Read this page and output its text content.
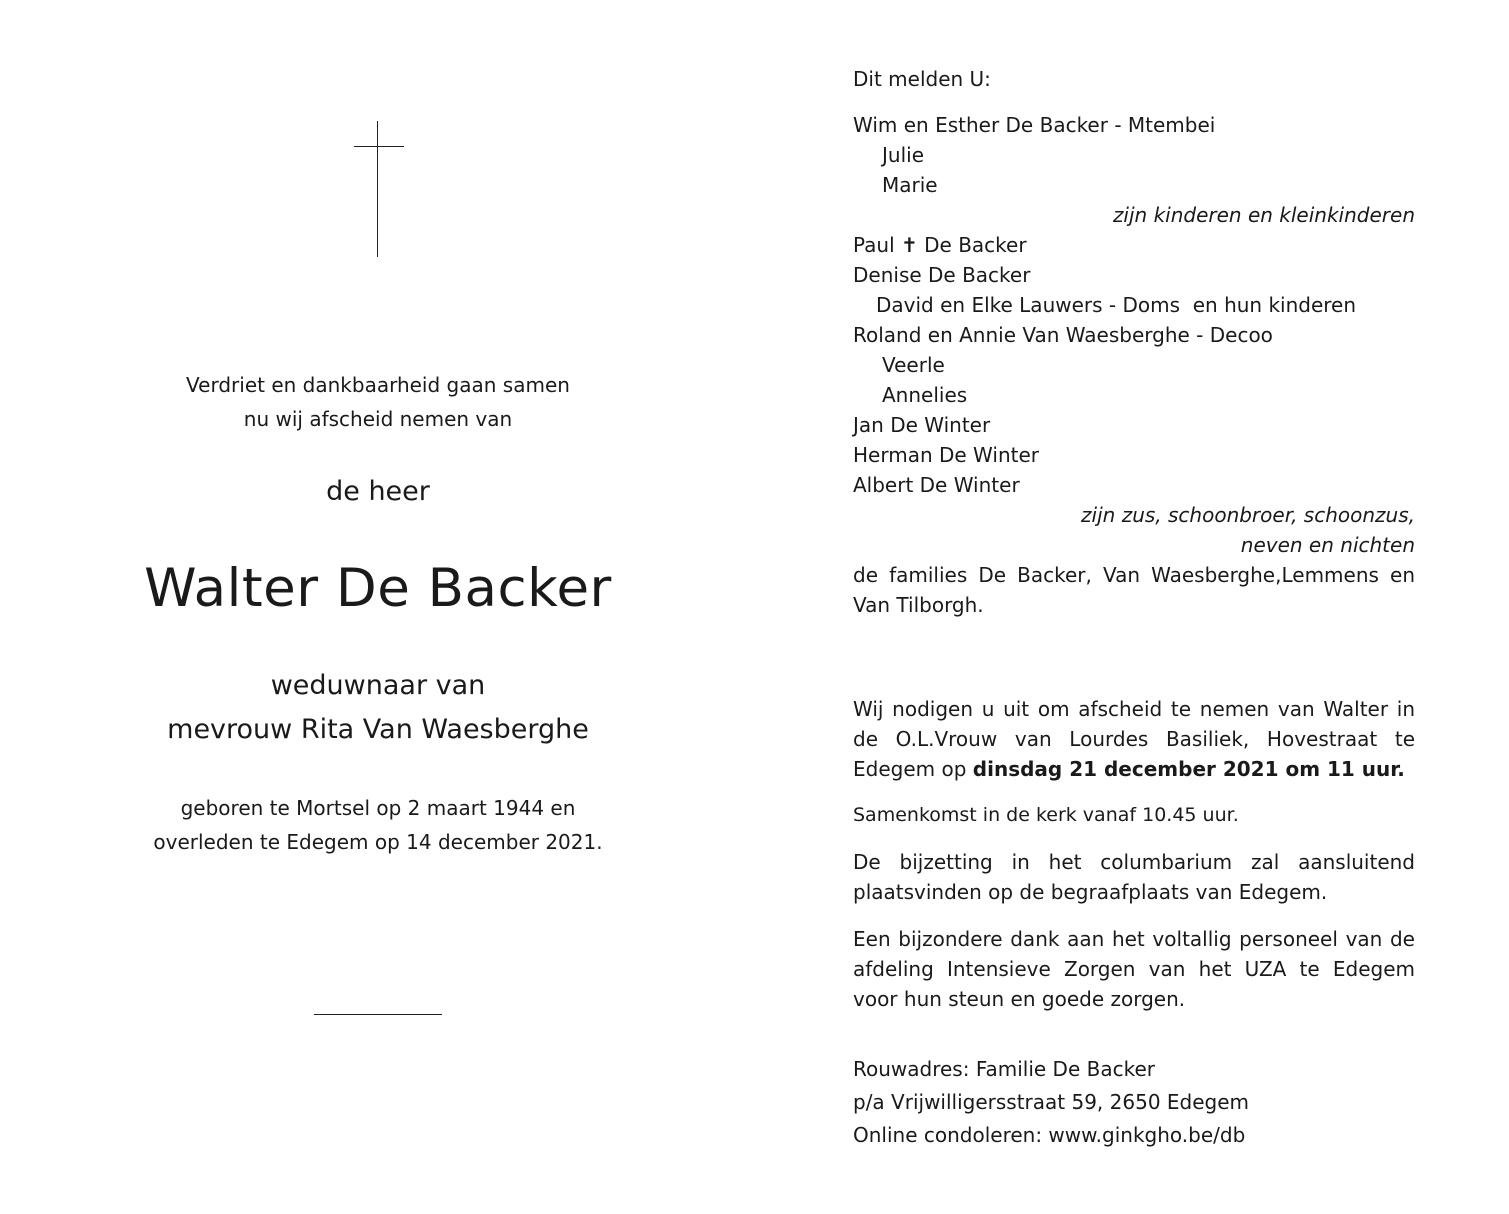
Verdriet en dankbaarheid gaan samen
nu wij afscheid nemen van
de heer
Walter De Backer
weduwnaar van
mevrouw Rita Van Waesberghe
geboren te Mortsel op 2 maart 1944 en
overleden te Edegem op 14 december 2021.
Dit melden U:
Wim en Esther De Backer - Mtembei
Julie
Marie
zijn kinderen en kleinkinderen
Paul ✝ De Backer
Denise De Backer
David en Elke Lauwers - Doms  en hun kinderen
Roland en Annie Van Waesberghe - Decoo
Veerle
Annelies
Jan De Winter
Herman De Winter
Albert De Winter
zijn zus, schoonbroer, schoonzus,
neven en nichten

de families De Backer, Van Waesberghe,Lemmens en Van Tilborgh.

Wij nodigen u uit om afscheid te nemen van Walter in de O.L.Vrouw van Lourdes Basiliek, Hovestraat te Edegem op dinsdag 21 december 2021 om 11 uur.

Samenkomst in de kerk vanaf 10.45 uur.

De bijzetting in het columbarium zal aansluitend plaatsvinden op de begraafplaats van Edegem.

Een bijzondere dank aan het voltallig personeel van de afdeling Intensieve Zorgen van het UZA te Edegem voor hun steun en goede zorgen.

Rouwadres: Familie De Backer
p/a Vrijwilligersstraat 59, 2650 Edegem
Online condoleren: www.ginkgho.be/db
